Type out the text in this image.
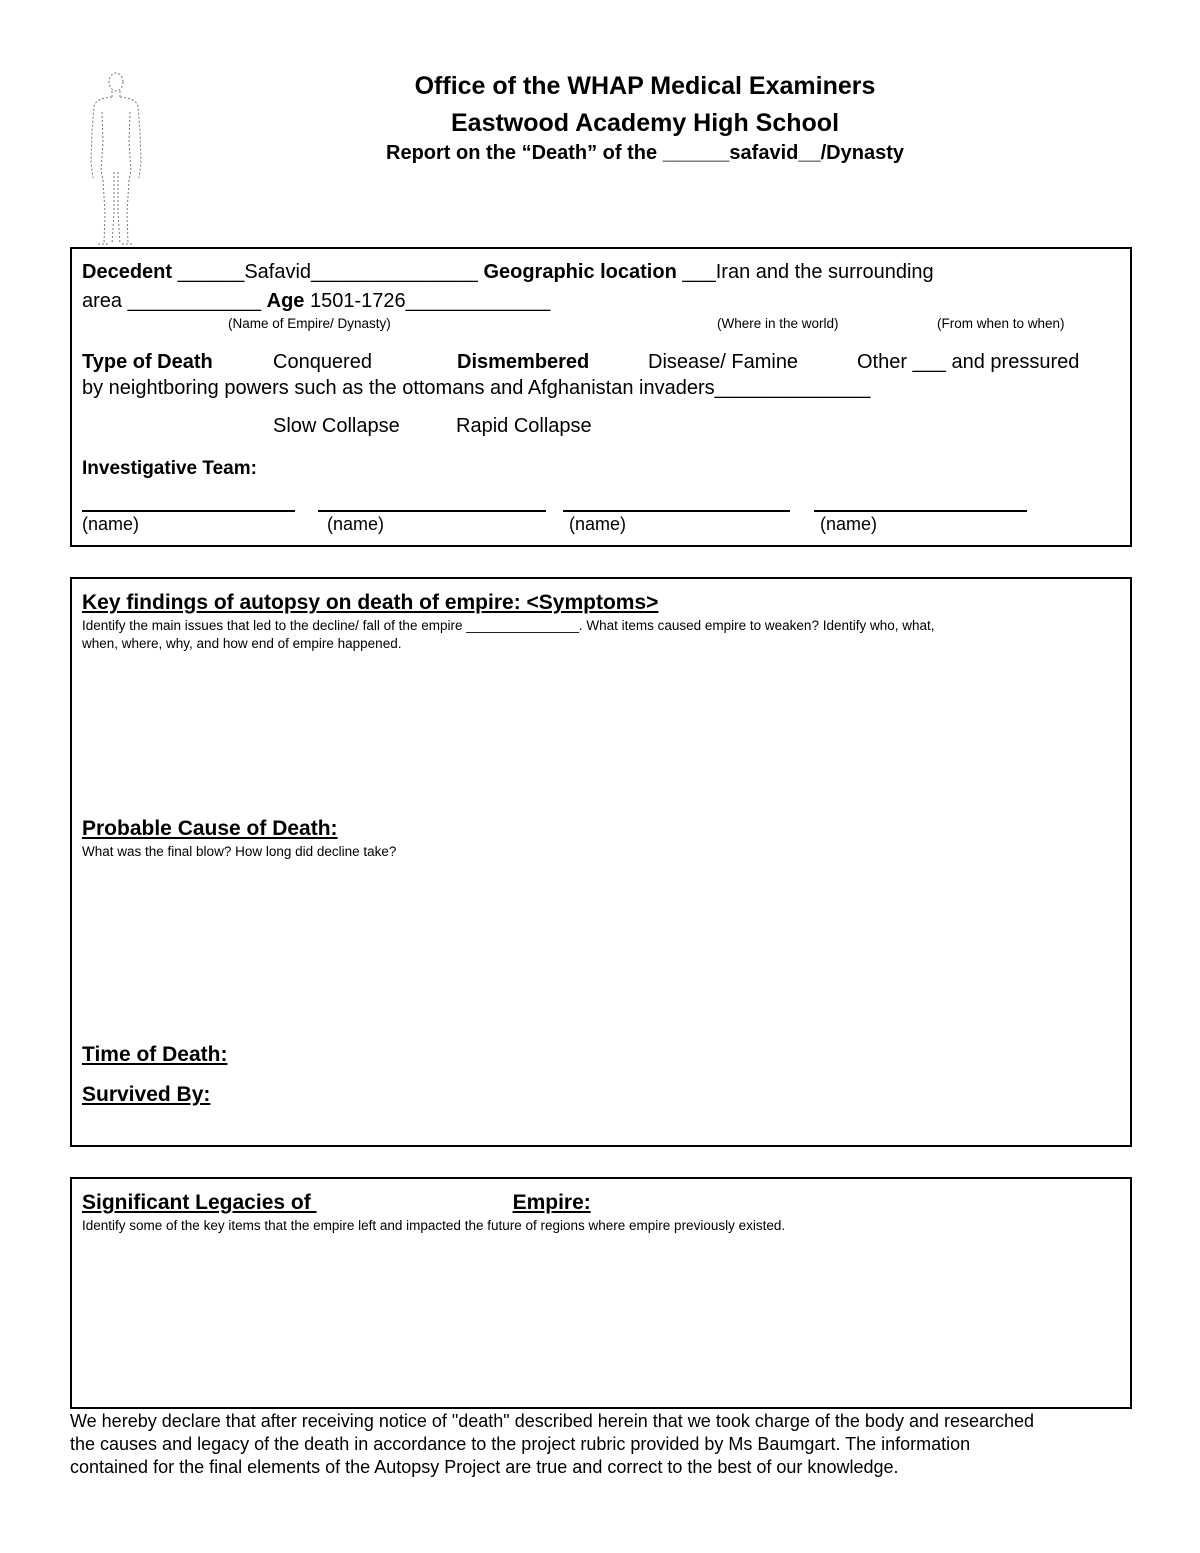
Office of the WHAP Medical Examiners
Eastwood Academy High School
Report on the “Death” of the ______safavid__/Dynasty
Decedent ______Safavid_______________ Geographic location ___Iran and the surrounding
area ____________ Age 1501-1726_____________
(Name of Empire/ Dynasty)	(Where in the world)	(From when to when)
Type of Death	Conquered	Dismembered	Disease/ Famine	Other ___ and pressured
by neightboring powers such as the ottomans and Afghanistan invaders______________
Slow Collapse	Rapid Collapse
Investigative Team:
(name)	(name)	(name)	(name)
Key findings of autopsy on death of empire: <Symptoms>
Identify the main issues that led to the decline/ fall of the empire _______________. What items caused empire to weaken? Identify who, what,
when, where, why, and how end of empire happened.
Probable Cause of Death:
What was the final blow? How long did decline take?
Time of Death:
Survived By:
Significant Legacies of	Empire:
Identify some of the key items that the empire left and impacted the future of regions where empire previously existed.
We hereby declare that after receiving notice of "death" described herein that we took charge of the body and researched
the causes and legacy of the death in accordance to the project rubric provided by Ms Baumgart. The information
contained for the final elements of the Autopsy Project are true and correct to the best of our knowledge.
